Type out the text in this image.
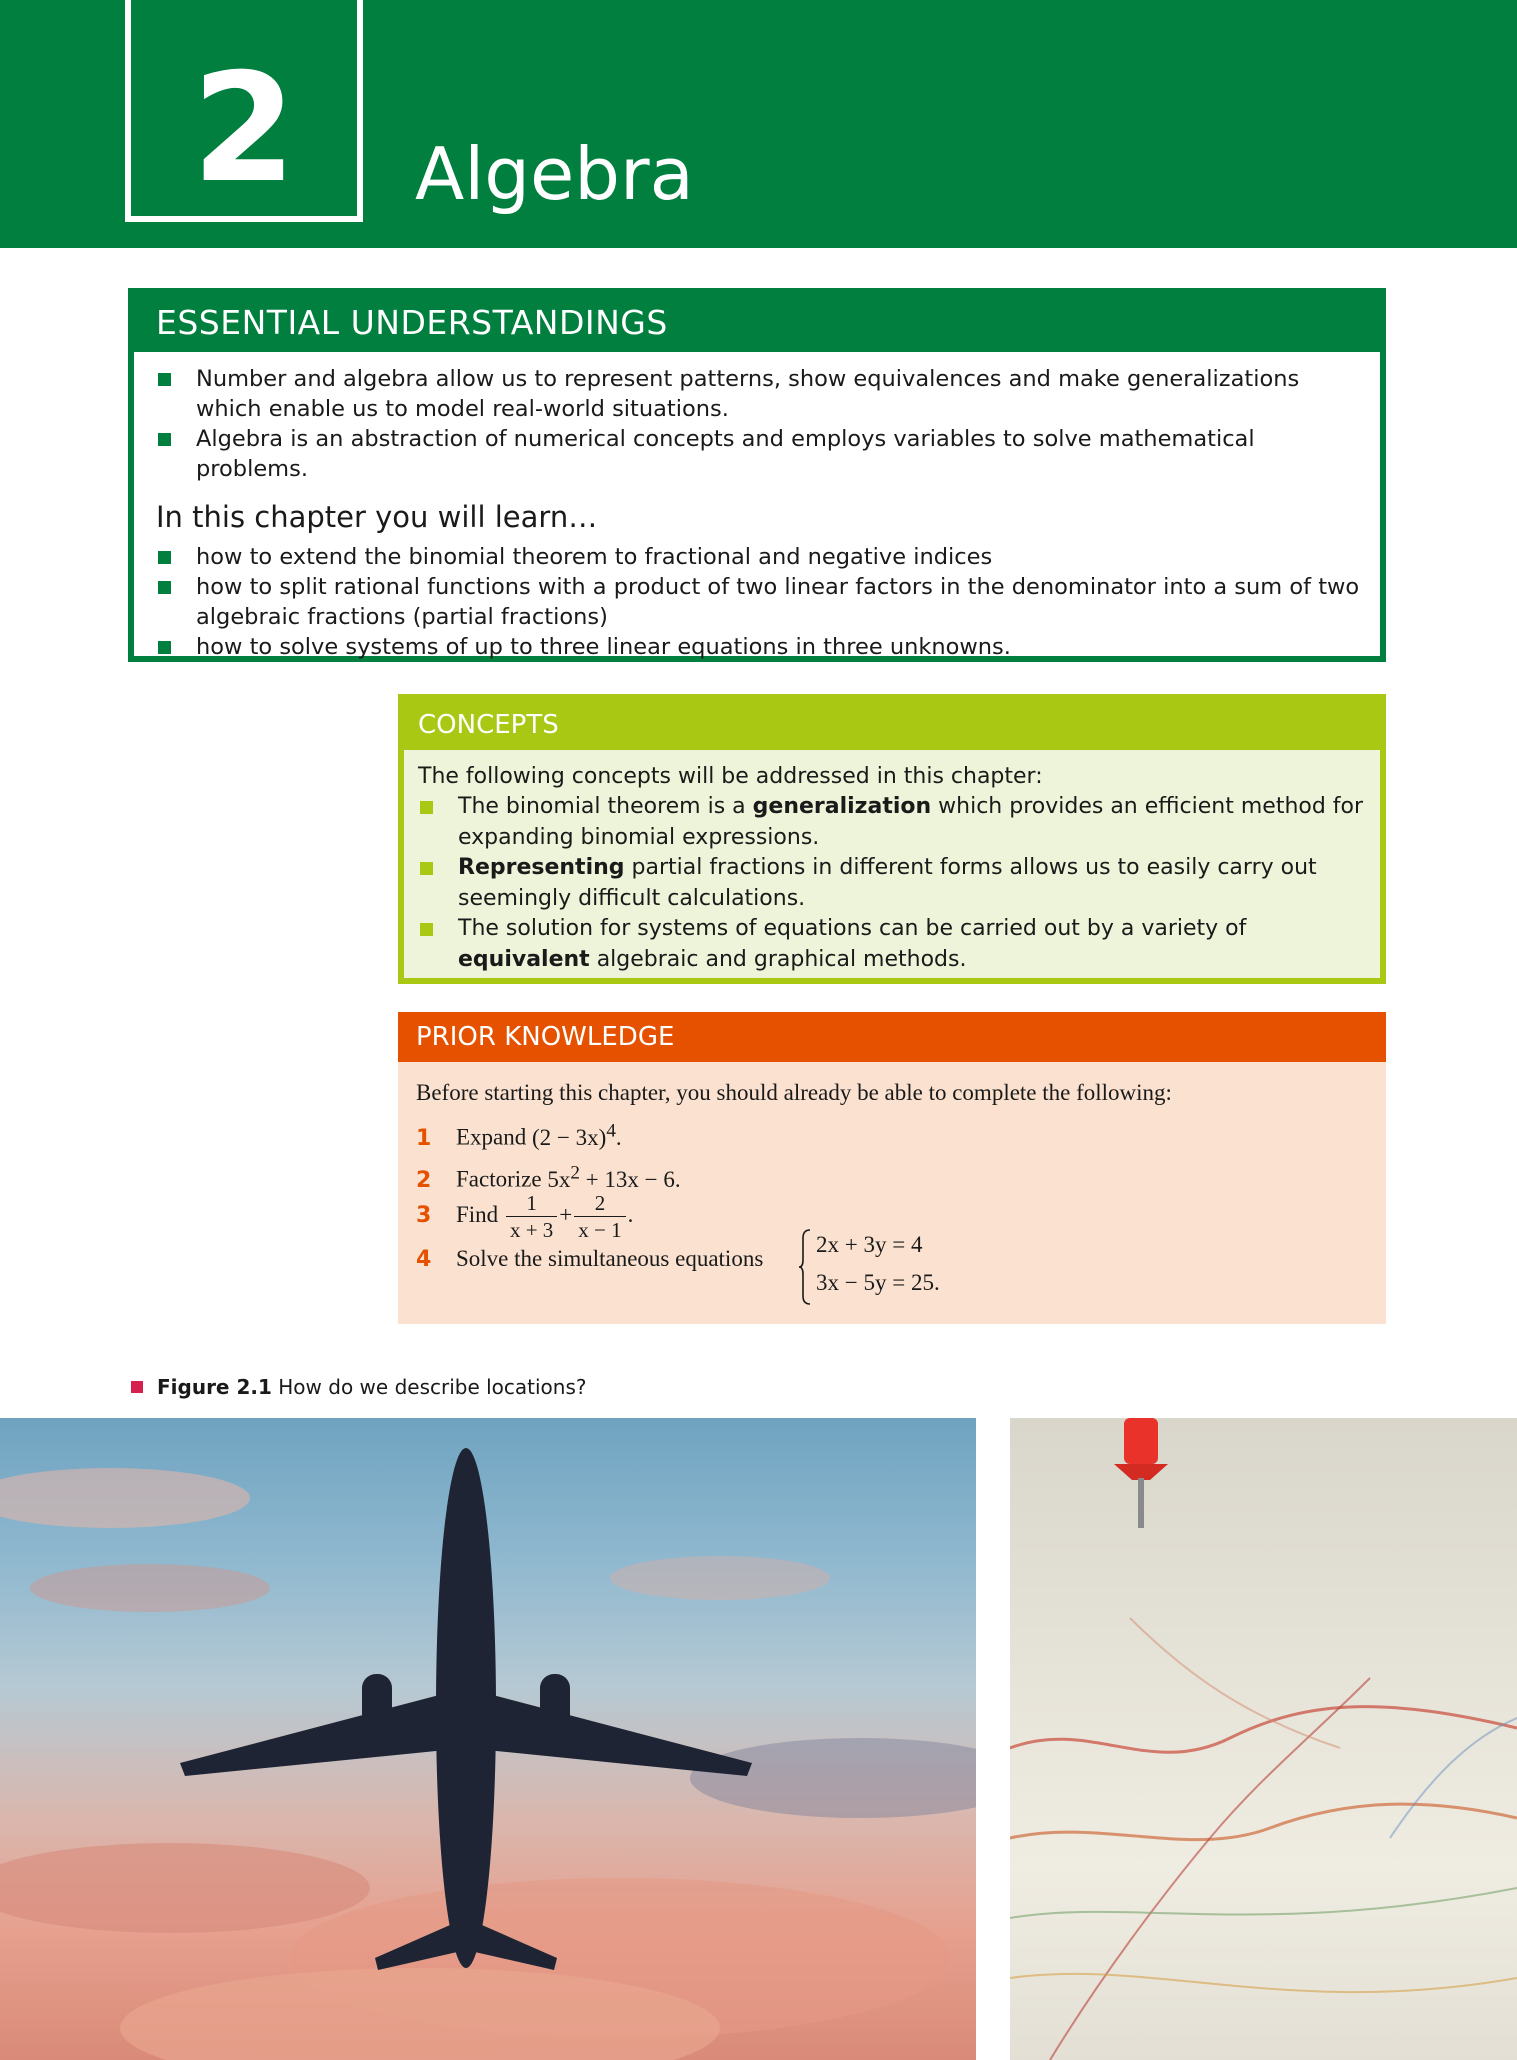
2	Algebra
ESSENTIAL UNDERSTANDINGS
Number and algebra allow us to represent patterns, show equivalences and make generalizations which enable us to model real-world situations.
Algebra is an abstraction of numerical concepts and employs variables to solve mathematical problems.
In this chapter you will learn…
how to extend the binomial theorem to fractional and negative indices
how to split rational functions with a product of two linear factors in the denominator into a sum of two algebraic fractions (partial fractions)
how to solve systems of up to three linear equations in three unknowns.
CONCEPTS
The following concepts will be addressed in this chapter:
The binomial theorem is a generalization which provides an efficient method for expanding binomial expressions.
Representing partial fractions in different forms allows us to easily carry out seemingly difficult calculations.
The solution for systems of equations can be carried out by a variety of equivalent algebraic and graphical methods.
PRIOR KNOWLEDGE
Before starting this chapter, you should already be able to complete the following:
1 Expand $(2 - 3x)^4$.
2 Factorize $5x^2 + 13x - 6$.
3 Find $\frac{1}{x + 3} + \frac{2}{x - 1}$ .
4 Solve the simultaneous equations
2x + 3y = 4
3x − 5y = 25.
Figure 2.1 How do we describe locations?
